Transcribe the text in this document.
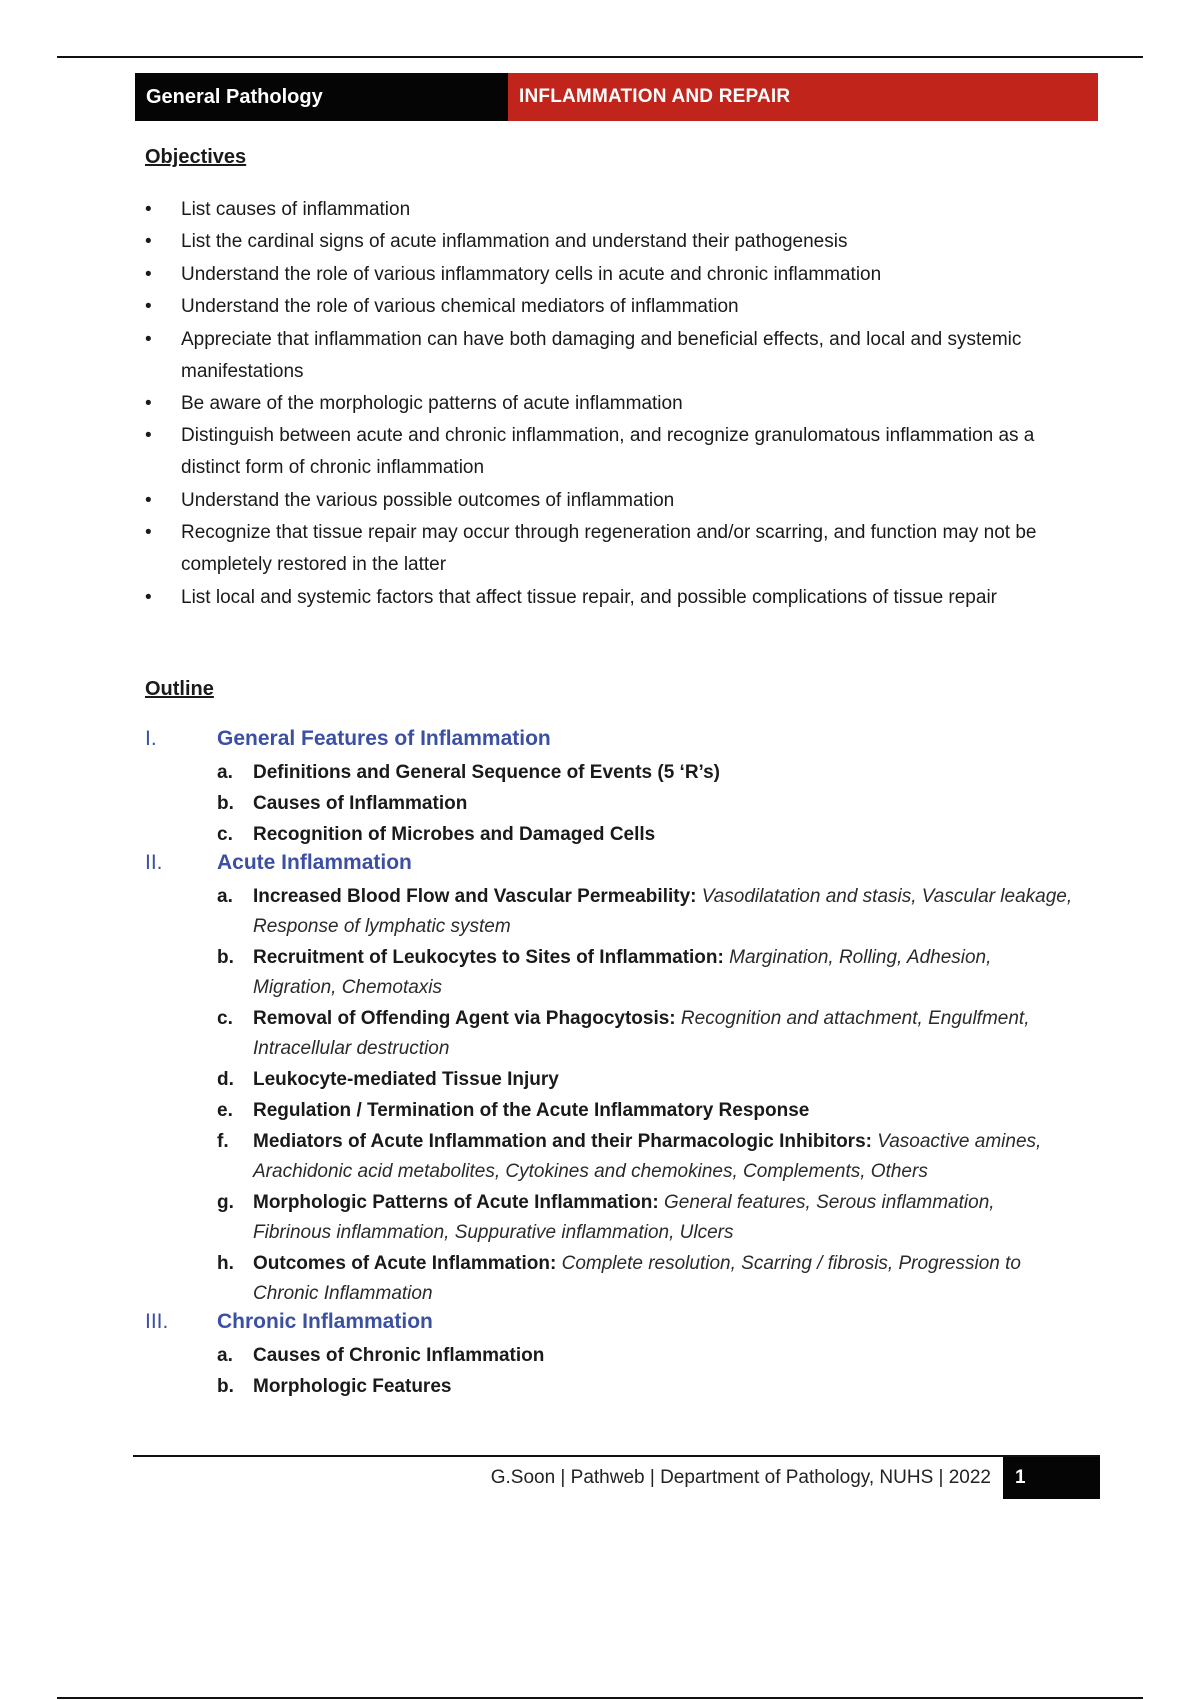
General Pathology	INFLAMMATION AND REPAIR
Objectives
• List causes of inflammation
• List the cardinal signs of acute inflammation and understand their pathogenesis
• Understand the role of various inflammatory cells in acute and chronic inflammation
• Understand the role of various chemical mediators of inflammation
• Appreciate that inflammation can have both damaging and beneficial effects, and local and systemic manifestations
• Be aware of the morphologic patterns of acute inflammation
• Distinguish between acute and chronic inflammation, and recognize granulomatous inflammation as a distinct form of chronic inflammation
• Understand the various possible outcomes of inflammation
• Recognize that tissue repair may occur through regeneration and/or scarring, and function may not be completely restored in the latter
• List local and systemic factors that affect tissue repair, and possible complications of tissue repair
Outline
I.	General Features of Inflammation
a.	Definitions and General Sequence of Events (5 ‘R’s)
b.	Causes of Inflammation
c.	Recognition of Microbes and Damaged Cells
II.	Acute Inflammation
a.	Increased Blood Flow and Vascular Permeability: Vasodilatation and stasis, Vascular leakage, Response of lymphatic system
b.	Recruitment of Leukocytes to Sites of Inflammation: Margination, Rolling, Adhesion, Migration, Chemotaxis
c.	Removal of Offending Agent via Phagocytosis: Recognition and attachment, Engulfment, Intracellular destruction
d.	Leukocyte-mediated Tissue Injury
e.	Regulation / Termination of the Acute Inflammatory Response
f.	Mediators of Acute Inflammation and their Pharmacologic Inhibitors: Vasoactive amines, Arachidonic acid metabolites, Cytokines and chemokines, Complements, Others
g.	Morphologic Patterns of Acute Inflammation: General features, Serous inflammation, Fibrinous inflammation, Suppurative inflammation, Ulcers
h.	Outcomes of Acute Inflammation: Complete resolution, Scarring / fibrosis, Progression to Chronic Inflammation
III.	Chronic Inflammation
a.	Causes of Chronic Inflammation
b.	Morphologic Features
G.Soon | Pathweb | Department of Pathology, NUHS | 2022	1
